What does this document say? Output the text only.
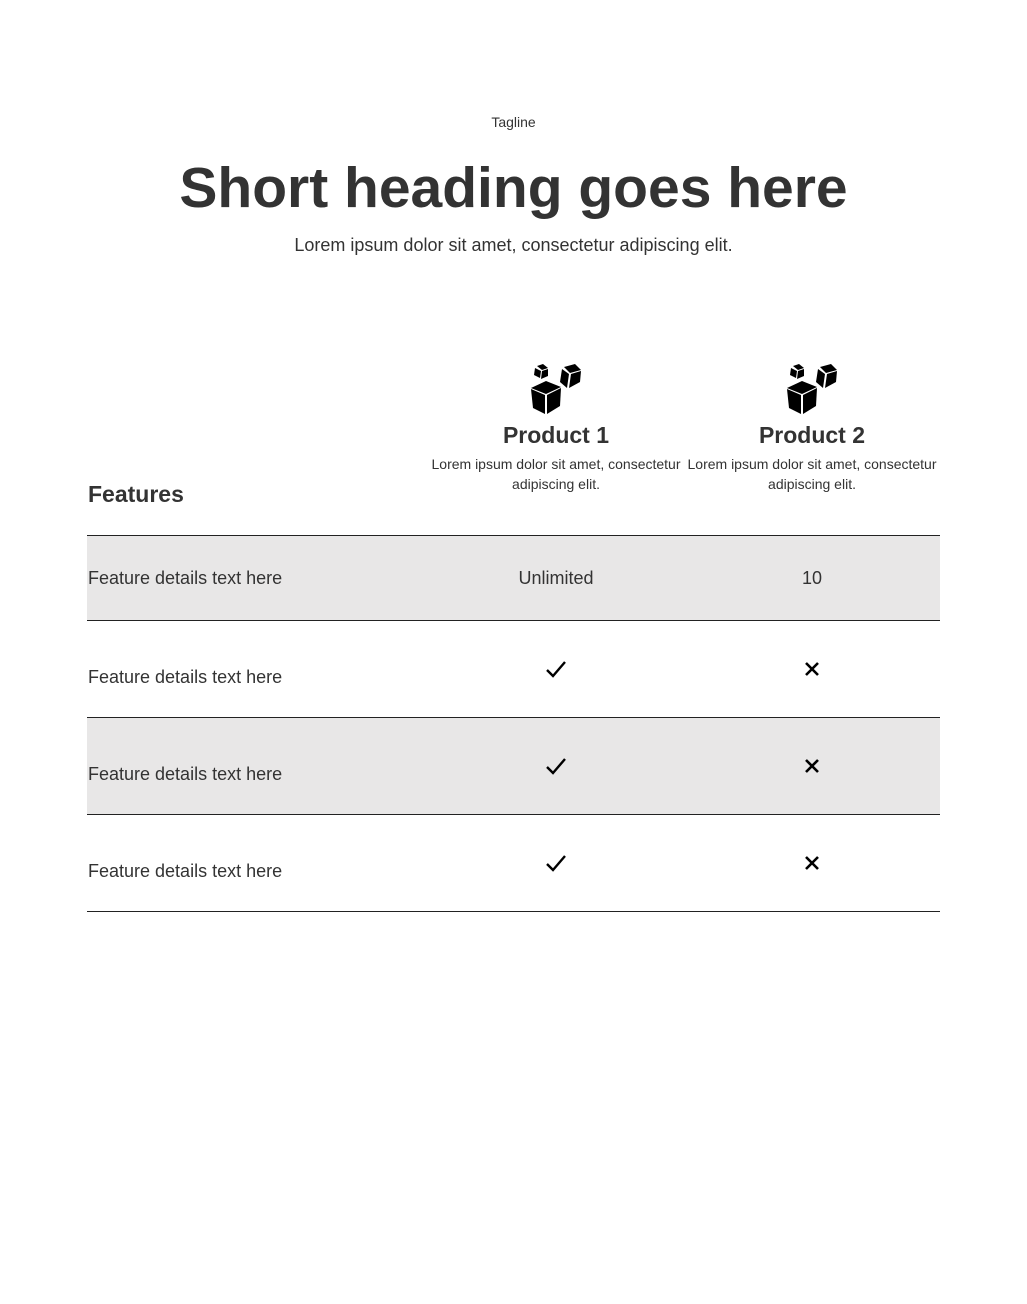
Tagline
Short heading goes here
Lorem ipsum dolor sit amet, consectetur adipiscing elit.
Features
Product 1
Lorem ipsum dolor sit amet, consectetur adipiscing elit.
Product 2
Lorem ipsum dolor sit amet, consectetur adipiscing elit.
Feature details text here	Unlimited	10
Feature details text here
Feature details text here
Feature details text here
